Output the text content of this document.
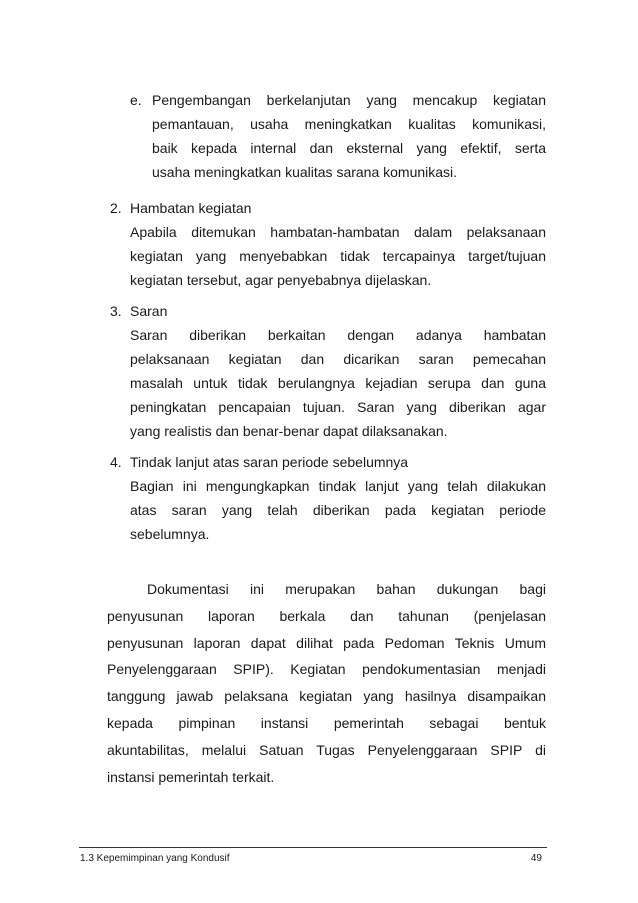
e. Pengembangan berkelanjutan yang mencakup kegiatan
pemantauan, usaha meningkatkan kualitas komunikasi,
baik kepada internal dan eksternal yang efektif, serta
usaha meningkatkan kualitas sarana komunikasi.
2. Hambatan kegiatan
Apabila ditemukan hambatan-hambatan dalam pelaksanaan
kegiatan yang menyebabkan tidak tercapainya target/tujuan
kegiatan tersebut, agar penyebabnya dijelaskan.
3. Saran
Saran diberikan berkaitan dengan adanya hambatan
pelaksanaan kegiatan dan dicarikan saran pemecahan
masalah untuk tidak berulangnya kejadian serupa dan guna
peningkatan pencapaian tujuan. Saran yang diberikan agar
yang realistis dan benar-benar dapat dilaksanakan.
4. Tindak lanjut atas saran periode sebelumnya
Bagian ini mengungkapkan tindak lanjut yang telah dilakukan
atas saran yang telah diberikan pada kegiatan periode
sebelumnya.
Dokumentasi ini merupakan bahan dukungan bagi
penyusunan laporan berkala dan tahunan (penjelasan
penyusunan laporan dapat dilihat pada Pedoman Teknis Umum
Penyelenggaraan SPIP). Kegiatan pendokumentasian menjadi
tanggung jawab pelaksana kegiatan yang hasilnya disampaikan
kepada pimpinan instansi pemerintah sebagai bentuk
akuntabilitas, melalui Satuan Tugas Penyelenggaraan SPIP di
instansi pemerintah terkait.
1.3 Kepemimpinan yang Kondusif	49
